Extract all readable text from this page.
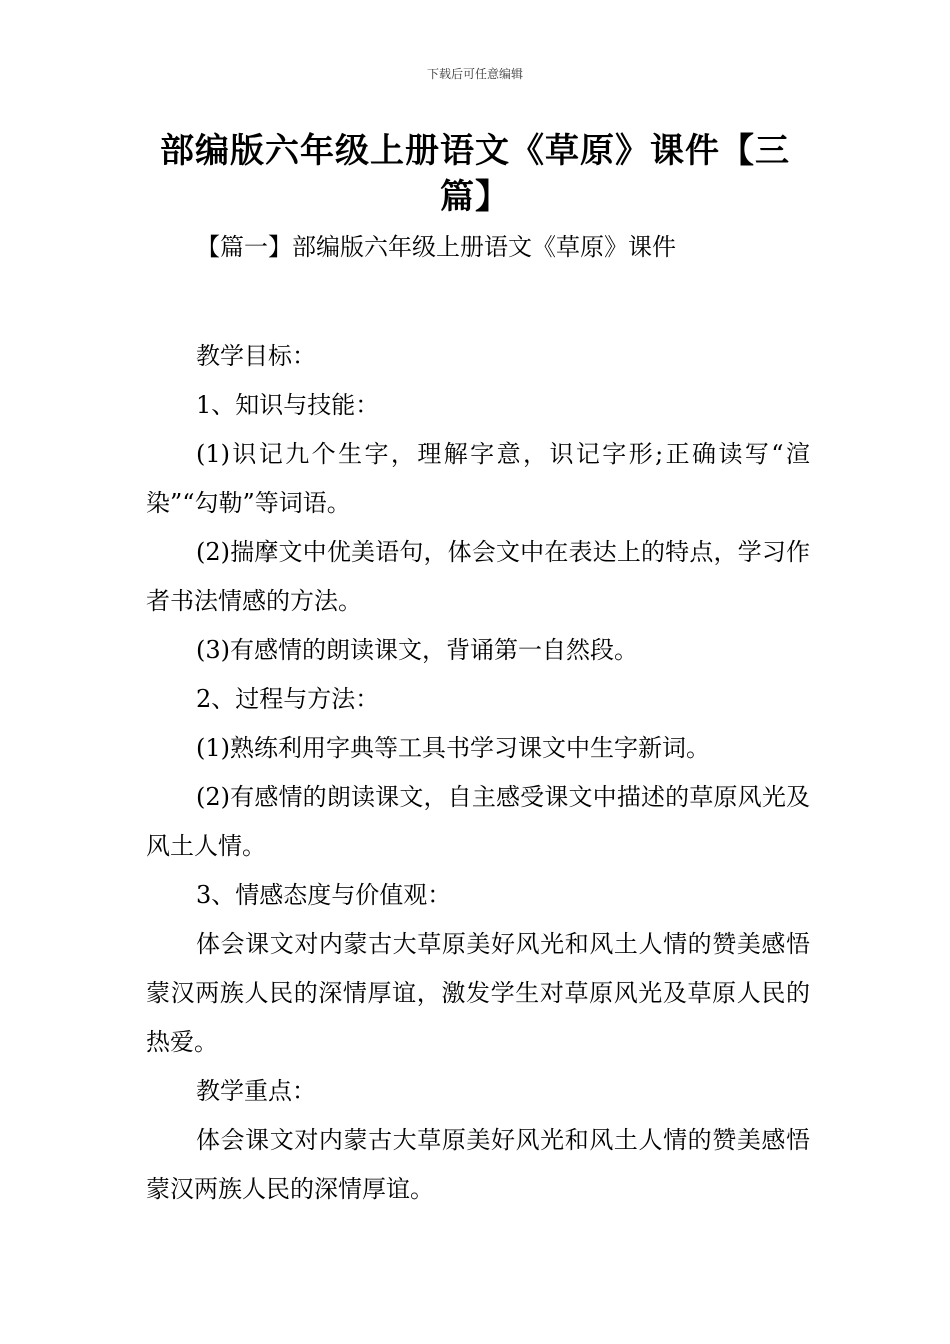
下载后可任意编辑
部编版六年级上册语文《草原》课件【三篇】
【篇一】部编版六年级上册语文《草原》课件

教学目标：

1、知识与技能：

(1)识记九个生字，理解字意，识记字形;正确读写“渲染”“勾勒”等词语。

(2)揣摩文中优美语句，体会文中在表达上的特点，学习作者书法情感的方法。

(3)有感情的朗读课文，背诵第一自然段。

2、过程与方法：

(1)熟练利用字典等工具书学习课文中生字新词。

(2)有感情的朗读课文，自主感受课文中描述的草原风光及风土人情。

3、情感态度与价值观：

体会课文对内蒙古大草原美好风光和风土人情的赞美感悟蒙汉两族人民的深情厚谊，激发学生对草原风光及草原人民的热爱。

教学重点：

体会课文对内蒙古大草原美好风光和风土人情的赞美感悟蒙汉两族人民的深情厚谊。
